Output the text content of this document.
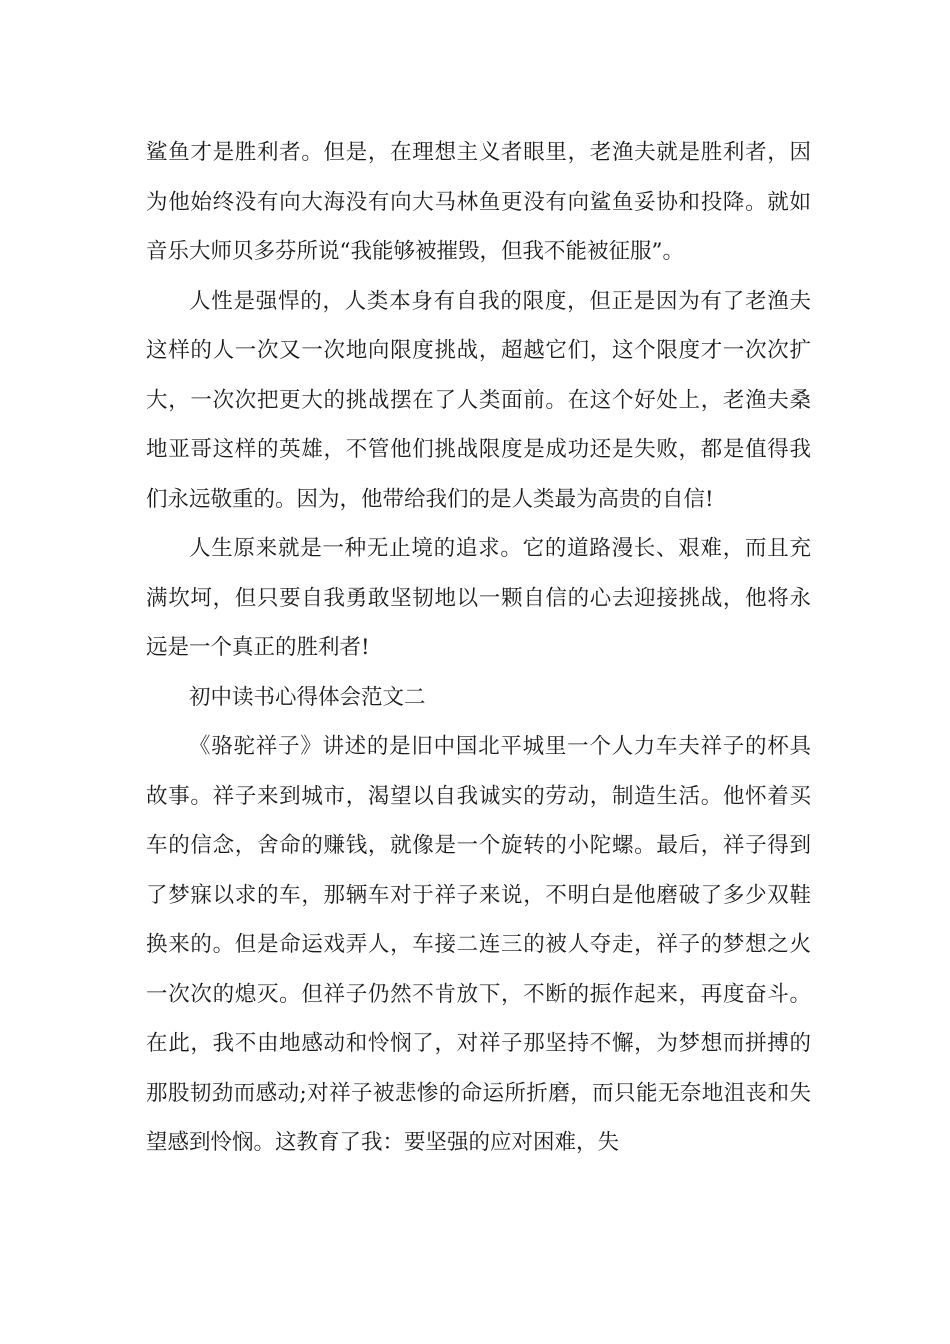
鲨鱼才是胜利者。但是，在理想主义者眼里，老渔夫就是胜利者，因为他始终没有向大海没有向大马林鱼更没有向鲨鱼妥协和投降。就如音乐大师贝多芬所说“我能够被摧毁，但我不能被征服”。

人性是强悍的，人类本身有自我的限度，但正是因为有了老渔夫这样的人一次又一次地向限度挑战，超越它们，这个限度才一次次扩大，一次次把更大的挑战摆在了人类面前。在这个好处上，老渔夫桑地亚哥这样的英雄，不管他们挑战限度是成功还是失败，都是值得我们永远敬重的。因为，他带给我们的是人类最为高贵的自信!

人生原来就是一种无止境的追求。它的道路漫长、艰难，而且充满坎坷，但只要自我勇敢坚韧地以一颗自信的心去迎接挑战，他将永远是一个真正的胜利者!

初中读书心得体会范文二

《骆驼祥子》讲述的是旧中国北平城里一个人力车夫祥子的杯具故事。祥子来到城市，渴望以自我诚实的劳动，制造生活。他怀着买车的信念，舍命的赚钱，就像是一个旋转的小陀螺。最后，祥子得到了梦寐以求的车，那辆车对于祥子来说，不明白是他磨破了多少双鞋换来的。但是命运戏弄人，车接二连三的被人夺走，祥子的梦想之火一次次的熄灭。但祥子仍然不肯放下，不断的振作起来，再度奋斗。在此，我不由地感动和怜悯了，对祥子那坚持不懈，为梦想而拼搏的那股韧劲而感动;对祥子被悲惨的命运所折磨，而只能无奈地沮丧和失望感到怜悯。这教育了我：要坚强的应对困难，失
